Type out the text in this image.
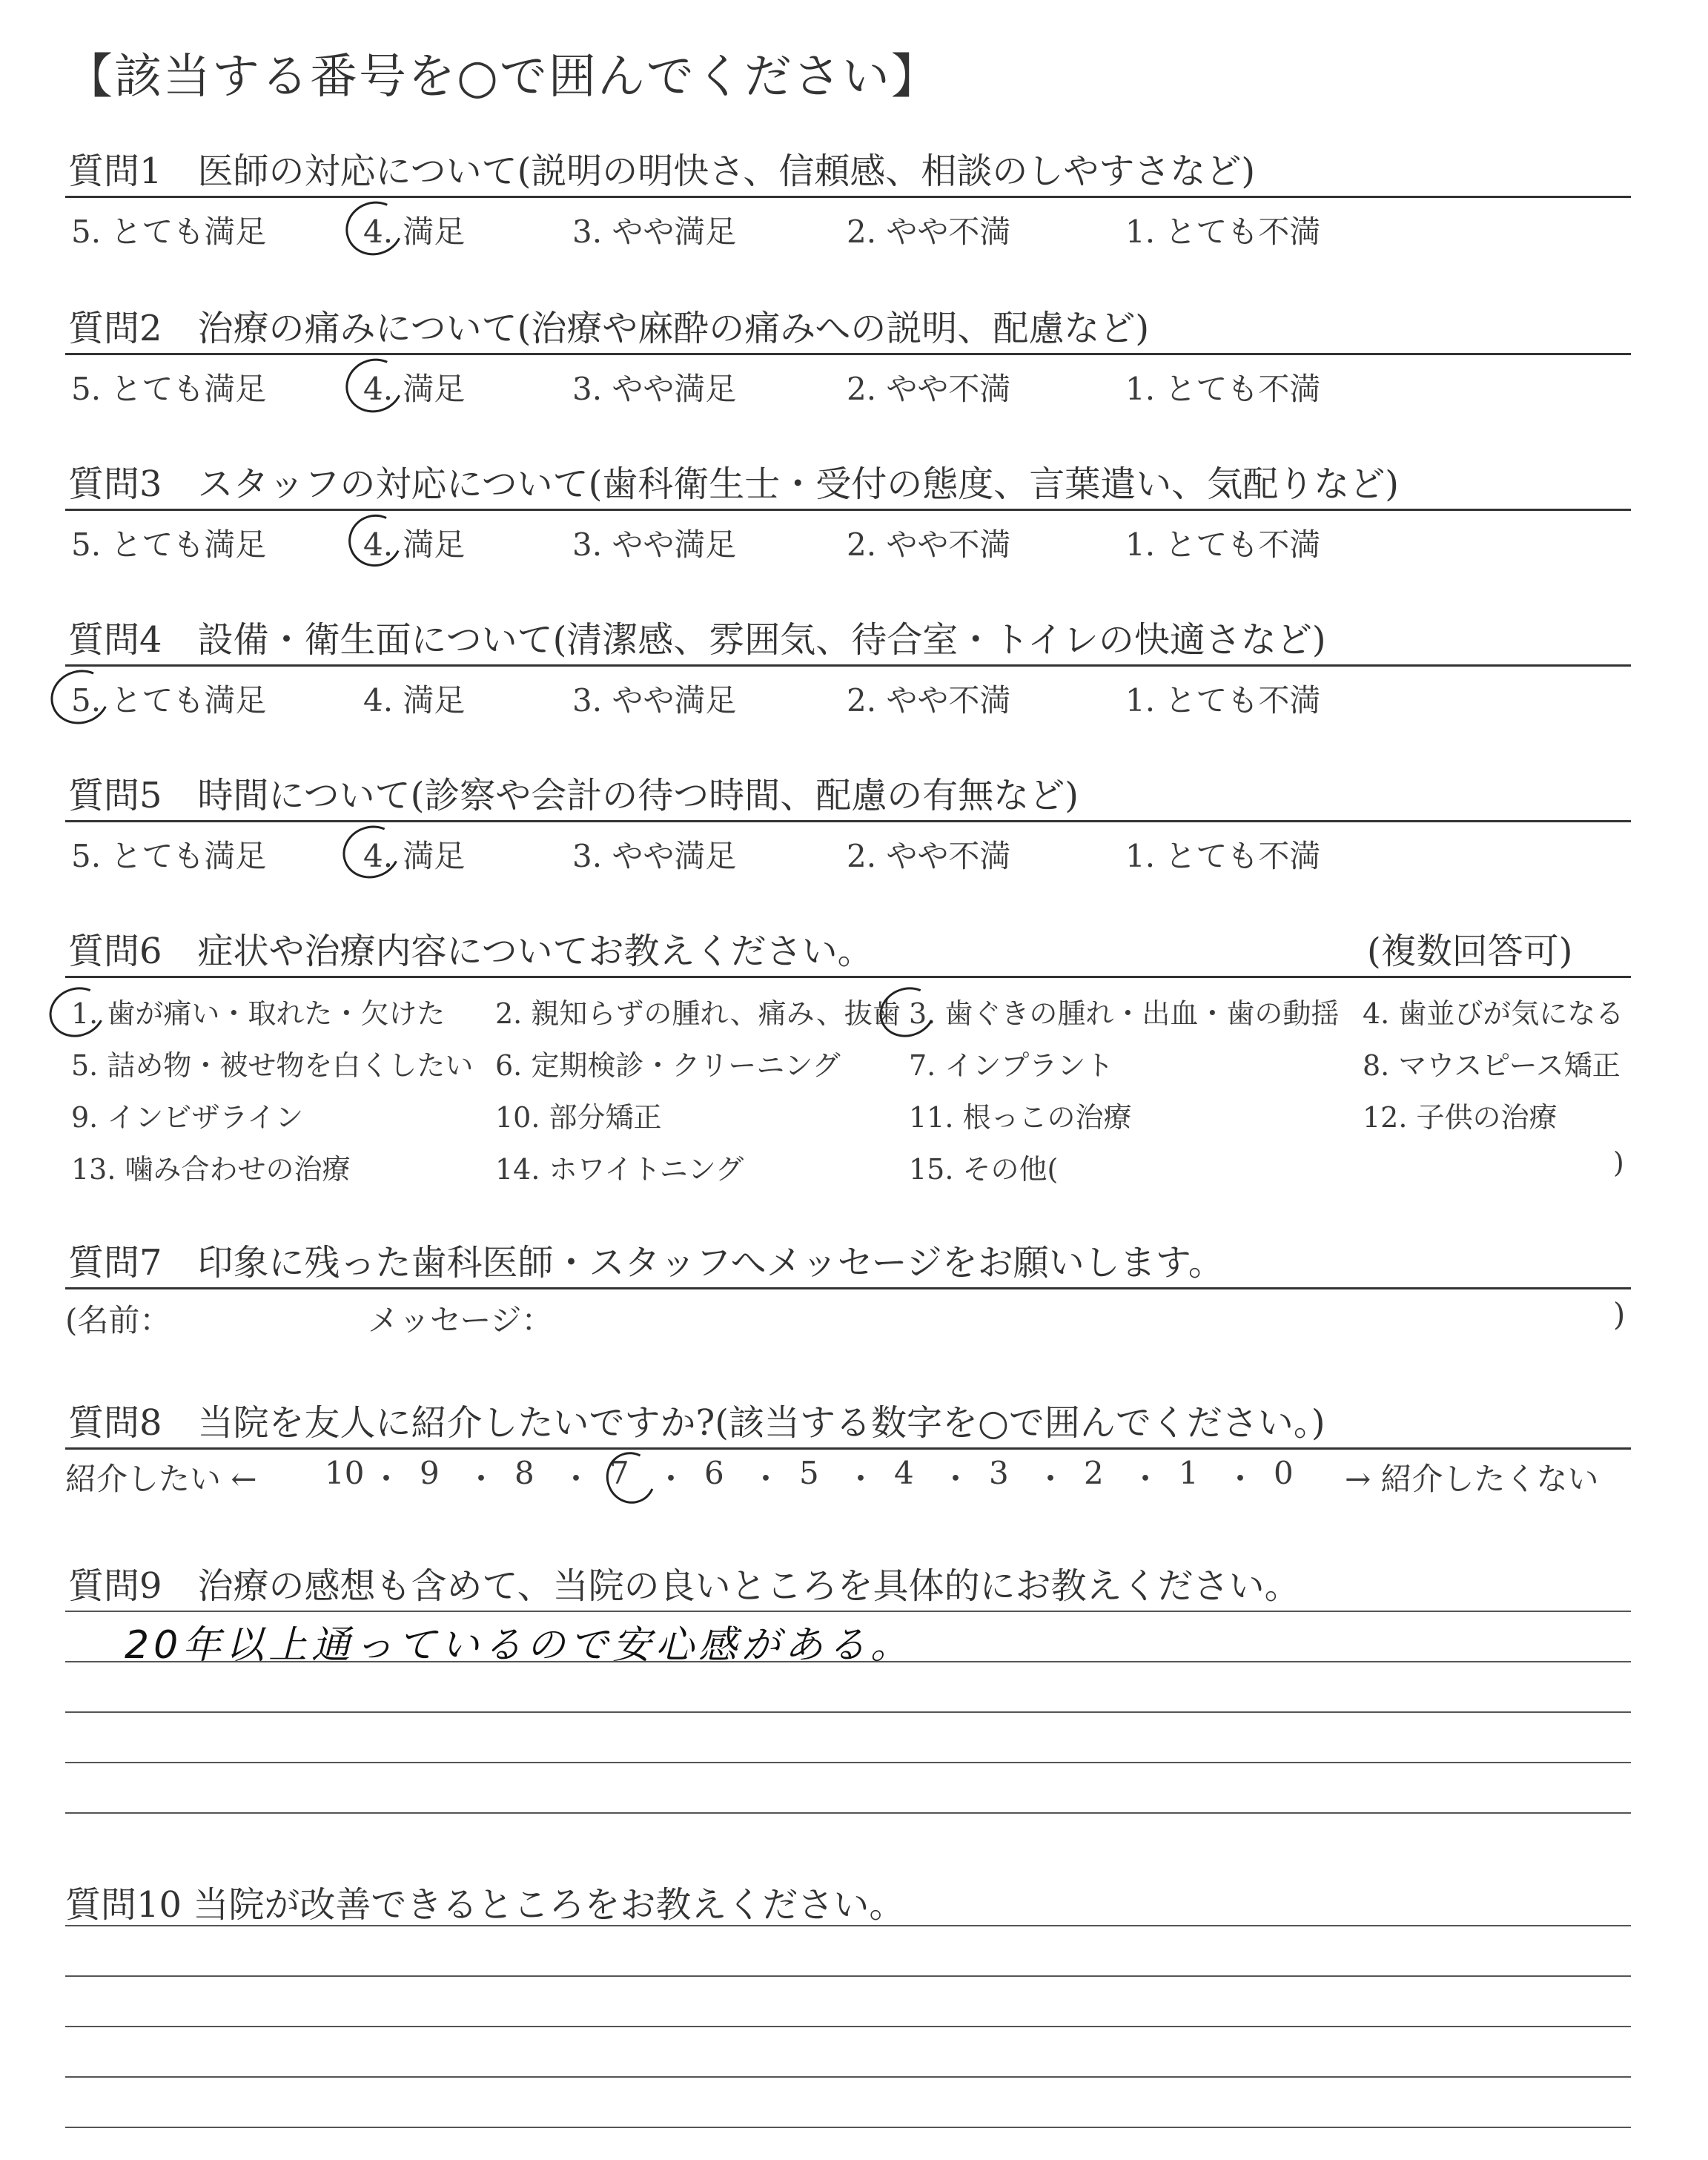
【該当する番号を○で囲んでください】
質問1　医師の対応について(説明の明快さ、信頼感、相談のしやすさなど)
5. とても満足	4. 満足	3. やや満足	2. やや不満	1. とても不満
質問2　治療の痛みについて(治療や麻酔の痛みへの説明、配慮など)
5. とても満足	4. 満足	3. やや満足	2. やや不満	1. とても不満
質問3　スタッフの対応について(歯科衛生士・受付の態度、言葉遣い、気配りなど)
5. とても満足	4. 満足	3. やや満足	2. やや不満	1. とても不満
質問4　設備・衛生面について(清潔感、雰囲気、待合室・トイレの快適さなど)
5. とても満足	4. 満足	3. やや満足	2. やや不満	1. とても不満
質問5　時間について(診察や会計の待つ時間、配慮の有無など)
5. とても満足	4. 満足	3. やや満足	2. やや不満	1. とても不満
質問6　症状や治療内容についてお教えください。	(複数回答可)
1. 歯が痛い・取れた・欠けた 2. 親知らずの腫れ、痛み、抜歯 3. 歯ぐきの腫れ・出血・歯の動揺 4. 歯並びが気になる
5. 詰め物・被せ物を白くしたい 6. 定期検診・クリーニング 7. インプラント	8. マウスピース矯正
9. インビザライン	10. 部分矯正	11. 根っこの治療	12. 子供の治療
13. 噛み合わせの治療	14. ホワイトニング	15. その他(	)
質問7　印象に残った歯科医師・スタッフへメッセージをお願いします。
(名前：	メッセージ：	)
質問8　当院を友人に紹介したいですか?(該当する数字を○で囲んでください。)
紹介したい ←	→ 紹介したくない
10 ・ 9 ・ 8 ・ 7 ・ 6 ・ 5 ・ 4 ・ 3 ・ 2 ・ 1 ・ 0
質問9　治療の感想も含めて、当院の良いところを具体的にお教えください。
20年以上通っているので安心感がある。
質問10 当院が改善できるところをお教えください。
